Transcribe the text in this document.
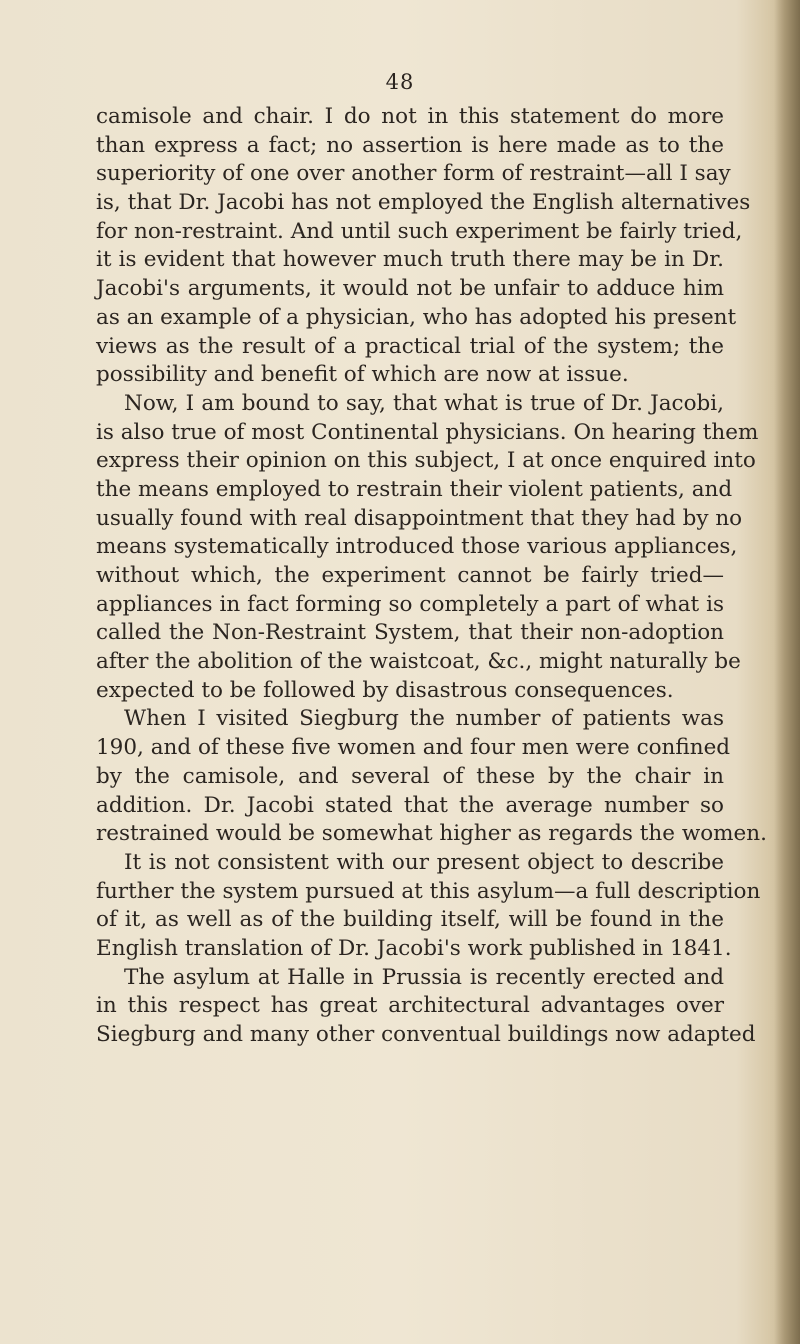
48
camisole and chair. I do not in this statement do more
than express a fact; no assertion is here made as to the
superiority of one over another form of restraint—all I say
is, that Dr. Jacobi has not employed the English alternatives
for non-restraint. And until such experiment be fairly tried,
it is evident that however much truth there may be in Dr.
Jacobi's arguments, it would not be unfair to adduce him
as an example of a physician, who has adopted his present
views as the result of a practical trial of the system; the
possibility and benefit of which are now at issue.
Now, I am bound to say, that what is true of Dr. Jacobi,
is also true of most Continental physicians. On hearing them
express their opinion on this subject, I at once enquired into
the means employed to restrain their violent patients, and
usually found with real disappointment that they had by no
means systematically introduced those various appliances,
without which, the experiment cannot be fairly tried—
appliances in fact forming so completely a part of what is
called the Non-Restraint System, that their non-adoption
after the abolition of the waistcoat, &c., might naturally be
expected to be followed by disastrous consequences.
When I visited Siegburg the number of patients was
190, and of these five women and four men were confined
by the camisole, and several of these by the chair in
addition. Dr. Jacobi stated that the average number so
restrained would be somewhat higher as regards the women.
It is not consistent with our present object to describe
further the system pursued at this asylum—a full description
of it, as well as of the building itself, will be found in the
English translation of Dr. Jacobi's work published in 1841.
The asylum at Halle in Prussia is recently erected and
in this respect has great architectural advantages over
Siegburg and many other conventual buildings now adapted
